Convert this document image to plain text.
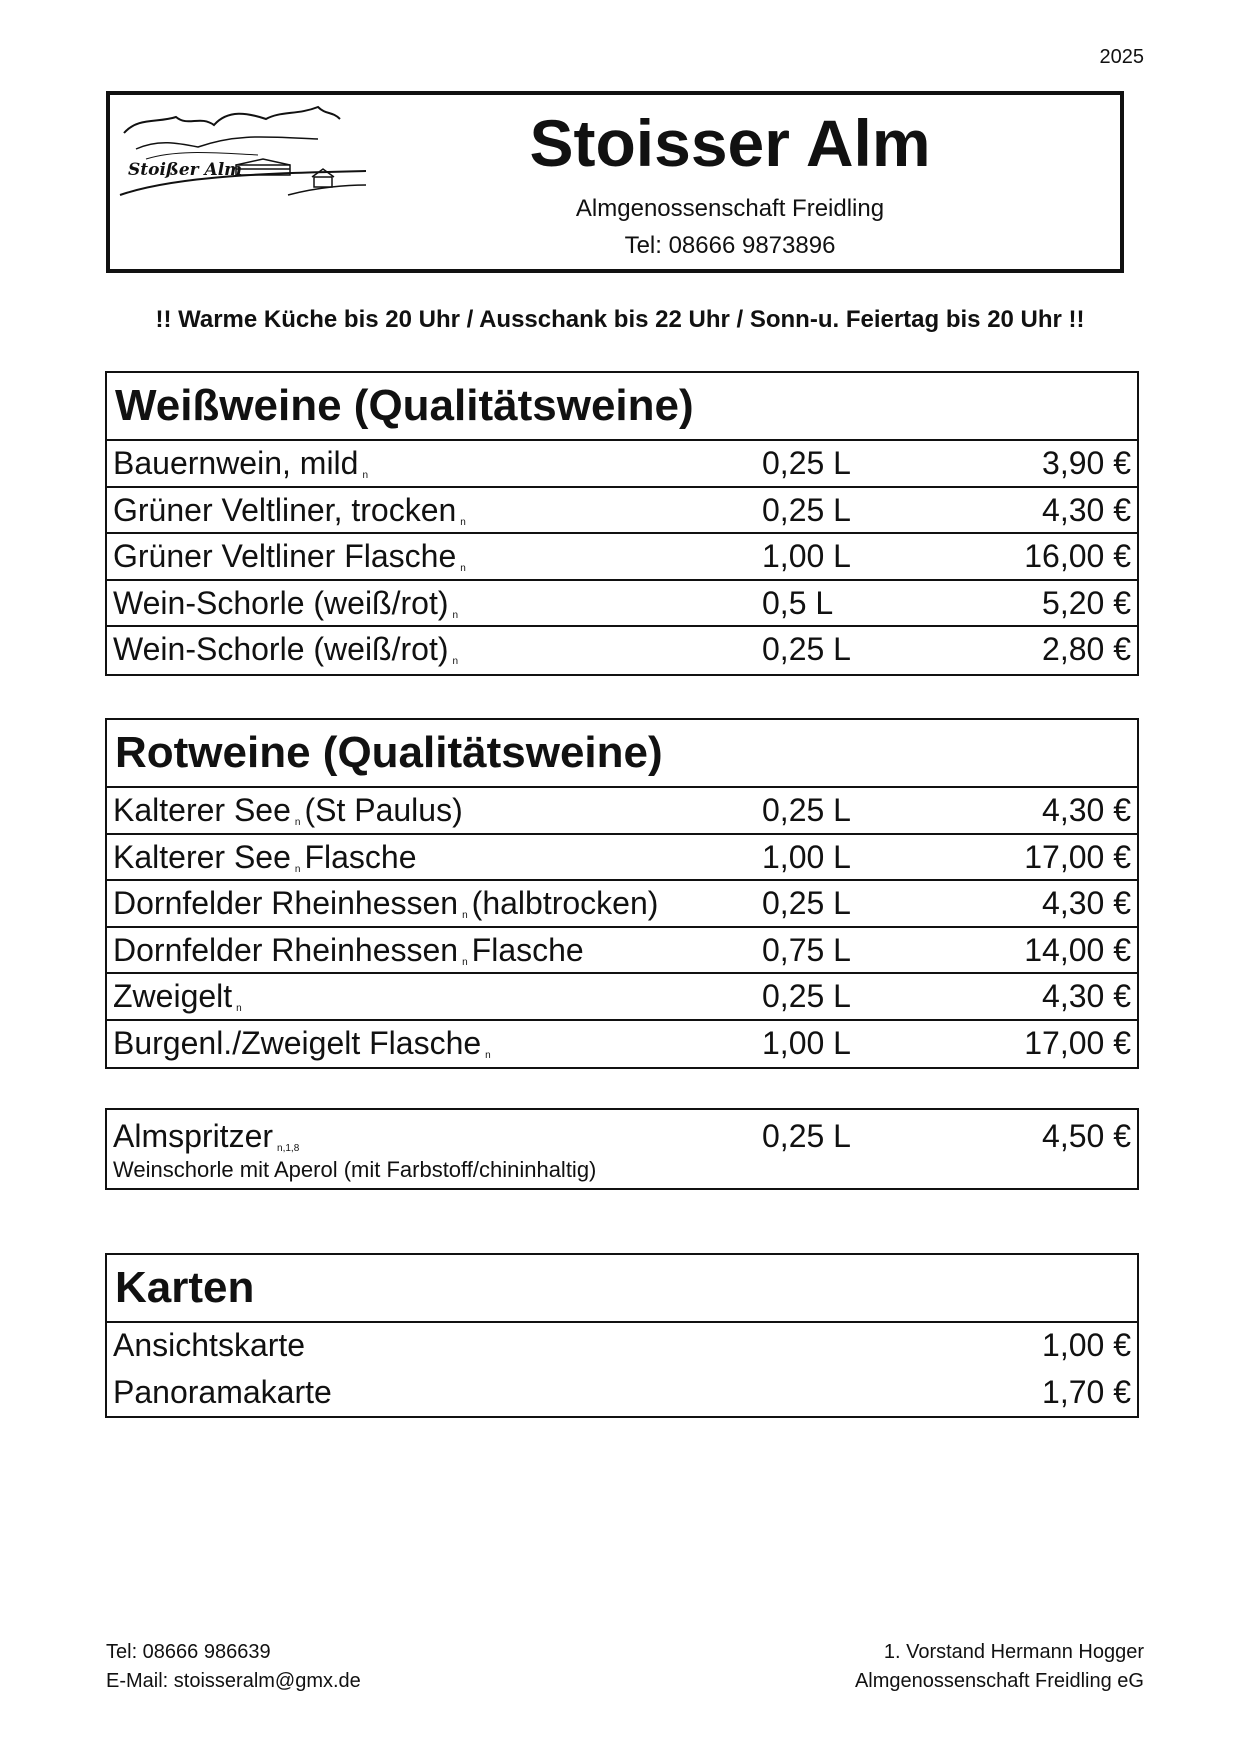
2025
Stoißer Alm	Stoisser Alm
Almgenossenschaft Freidling
Tel: 08666 9873896
!! Warme Küche bis 20 Uhr / Ausschank bis 22 Uhr / Sonn-u. Feiertag bis 20 Uhr !!
Weißweine (Qualitätsweine)
Bauernwein, mild $_n$	0,25 L	3,90 €
Grüner Veltliner, trocken $_n$	0,25 L	4,30 €
Grüner Veltliner Flasche $_n$	1,00 L	16,00 €
Wein-Schorle (weiß/rot) $_n$	0,5 L	5,20 €
Wein-Schorle (weiß/rot) $_n$	0,25 L	2,80 €
Rotweine (Qualitätsweine)
Kalterer See $_n$ (St Paulus)	0,25 L	4,30 €
Kalterer See $_n$ Flasche	1,00 L	17,00 €
Dornfelder Rheinhessen $_n$ (halbtrocken)	0,25 L	4,30 €
Dornfelder Rheinhessen $_n$ Flasche	0,75 L	14,00 €
Zweigelt $_n$	0,25 L	4,30 €
Burgenl./Zweigelt Flasche $_n$	1,00 L	17,00 €
Almspritzer $_{n,1,8}$	0,25 L	4,50 €
Weinschorle mit Aperol (mit Farbstoff/chininhaltig)
Karten
Ansichtskarte	1,00 €
Panoramakarte	1,70 €
Tel: 08666 986639
E-Mail: stoisseralm@gmx.de
1. Vorstand Hermann Hogger
Almgenossenschaft Freidling eG
